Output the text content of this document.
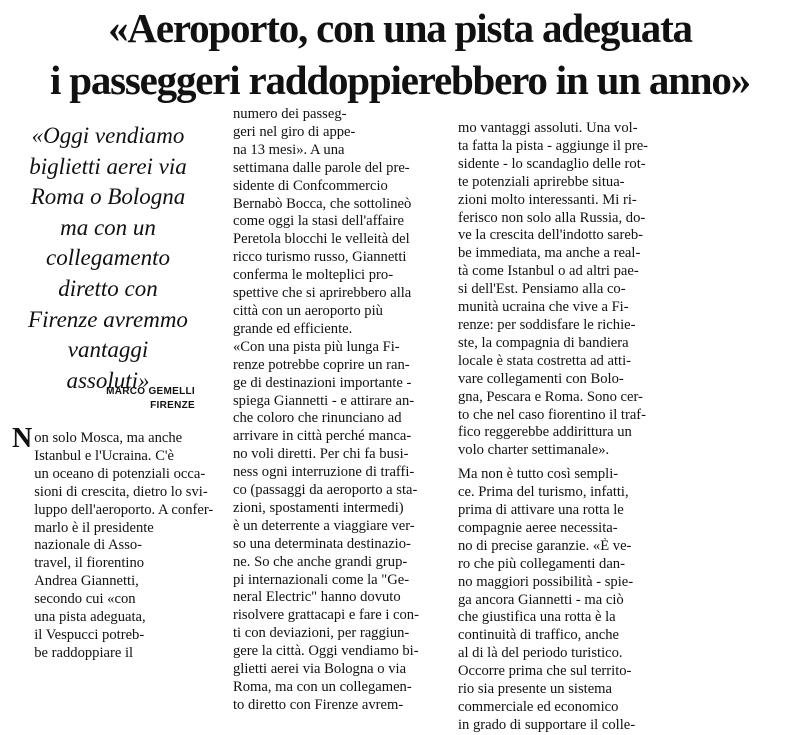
«Aeroporto, con una pista adeguata
i passeggeri raddoppierebbero in un anno»
«Oggi vendiamo
biglietti aerei via
Roma o Bologna
ma con un
collegamento
diretto con
Firenze avremmo
vantaggi
assoluti»
MARCO GEMELLI
FIRENZE
N on solo Mosca, ma anche
Istanbul e l'Ucraina. C'è
un oceano di potenziali occa-
sioni di crescita, dietro lo svi-
luppo dell'aeroporto. A confer-
marlo è il presidente
nazionale di Asso-
travel, il fiorentino
Andrea Giannetti,
secondo cui «con
una pista adeguata,
il Vespucci potreb-
be raddoppiare il
numero dei passeg-
geri nel giro di appe-
na 13 mesi». A una
settimana dalle parole del pre-
sidente di Confcommercio
Bernabò Bocca, che sottolineò
come oggi la stasi dell'affaire
Peretola blocchi le velleità del
ricco turismo russo, Giannetti
conferma le molteplici pro-
spettive che si aprirebbero alla
città con un aeroporto più
grande ed efficiente.
«Con una pista più lunga Fi-
renze potrebbe coprire un ran-
ge di destinazioni importante -
spiega Giannetti - e attirare an-
che coloro che rinunciano ad
arrivare in città perché manca-
no voli diretti. Per chi fa busi-
ness ogni interruzione di traffi-
co (passaggi da aeroporto a sta-
zioni, spostamenti intermedi)
è un deterrente a viaggiare ver-
so una determinata destinazio-
ne. So che anche grandi grup-
pi internazionali come la "Ge-
neral Electric" hanno dovuto
risolvere grattacapi e fare i con-
ti con deviazioni, per raggiun-
gere la città. Oggi vendiamo bi-
glietti aerei via Bologna o via
Roma, ma con un collegamen-
to diretto con Firenze avrem-
mo vantaggi assoluti. Una vol-
ta fatta la pista - aggiunge il pre-
sidente - lo scandaglio delle rot-
te potenziali aprirebbe situa-
zioni molto interessanti. Mi ri-
ferisco non solo alla Russia, do-
ve la crescita dell'indotto sareb-
be immediata, ma anche a real-
tà come Istanbul o ad altri pae-
si dell'Est. Pensiamo alla co-
munità ucraina che vive a Fi-
renze: per soddisfare le richie-
ste, la compagnia di bandiera
locale è stata costretta ad atti-
vare collegamenti con Bolo-
gna, Pescara e Roma. Sono cer-
to che nel caso fiorentino il traf-
fico reggerebbe addirittura un
volo charter settimanale».
Ma non è tutto così sempli-
ce. Prima del turismo, infatti,
prima di attivare una rotta le
compagnie aeree necessita-
no di precise garanzie. «È ve-
ro che più collegamenti dan-
no maggiori possibilità - spie-
ga ancora Giannetti - ma ciò
che giustifica una rotta è la
continuità di traffico, anche
al di là del periodo turistico.
Occorre prima che sul territo-
rio sia presente un sistema
commerciale ed economico
in grado di supportare il colle-
